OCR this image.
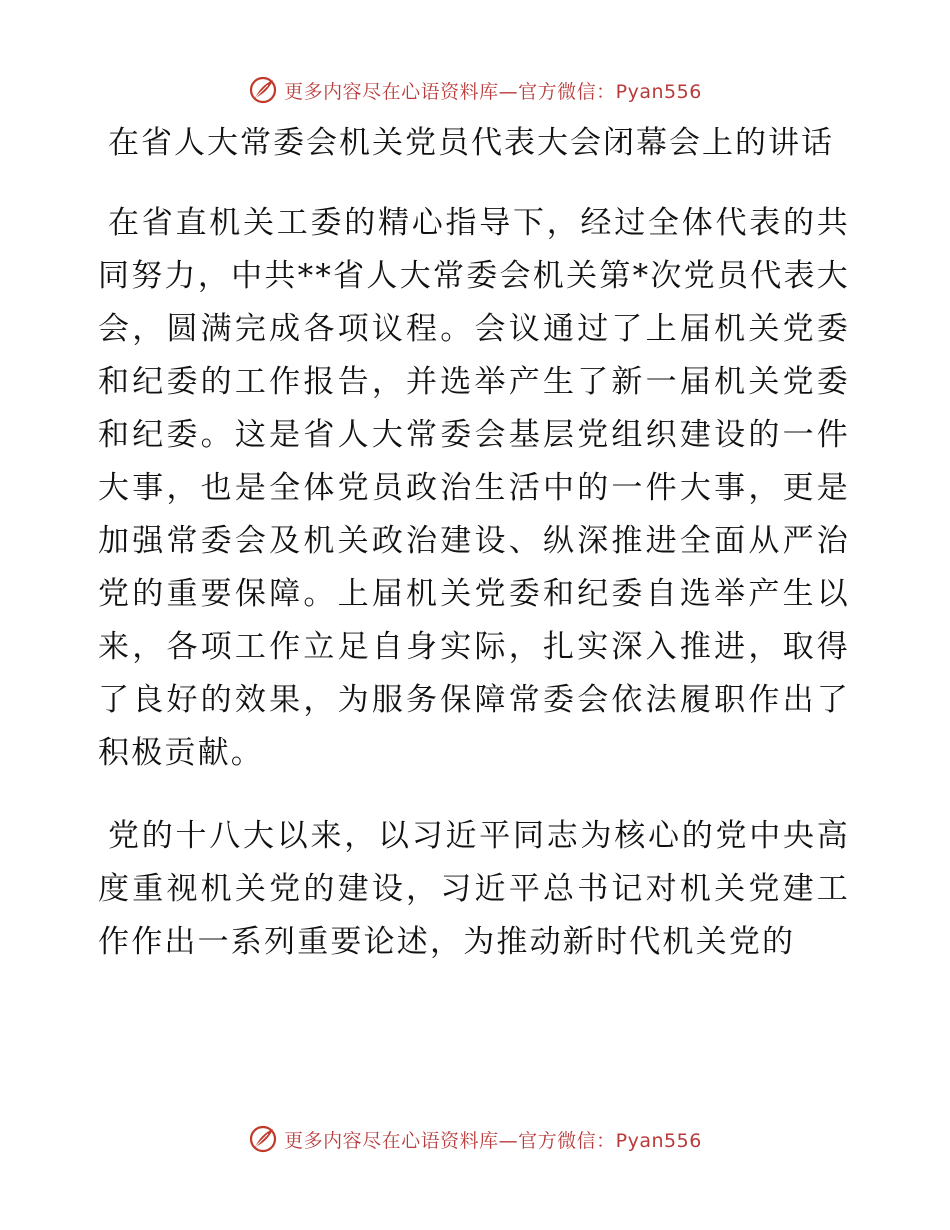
更多内容尽在心语资料库—官方微信：Pyan556
在省人大常委会机关党员代表大会闭幕会上的讲话

在省直机关工委的精心指导下，经过全体代表的共同努力，中共**省人大常委会机关第*次党员代表大会，圆满完成各项议程。会议通过了上届机关党委和纪委的工作报告，并选举产生了新一届机关党委和纪委。这是省人大常委会基层党组织建设的一件大事，也是全体党员政治生活中的一件大事，更是加强常委会及机关政治建设、纵深推进全面从严治党的重要保障。上届机关党委和纪委自选举产生以来，各项工作立足自身实际，扎实深入推进，取得了良好的效果，为服务保障常委会依法履职作出了积极贡献。

党的十八大以来，以习近平同志为核心的党中央高度重视机关党的建设，习近平总书记对机关党建工作作出一系列重要论述，为推动新时代机关党的

更多内容尽在心语资料库—官方微信：Pyan556
